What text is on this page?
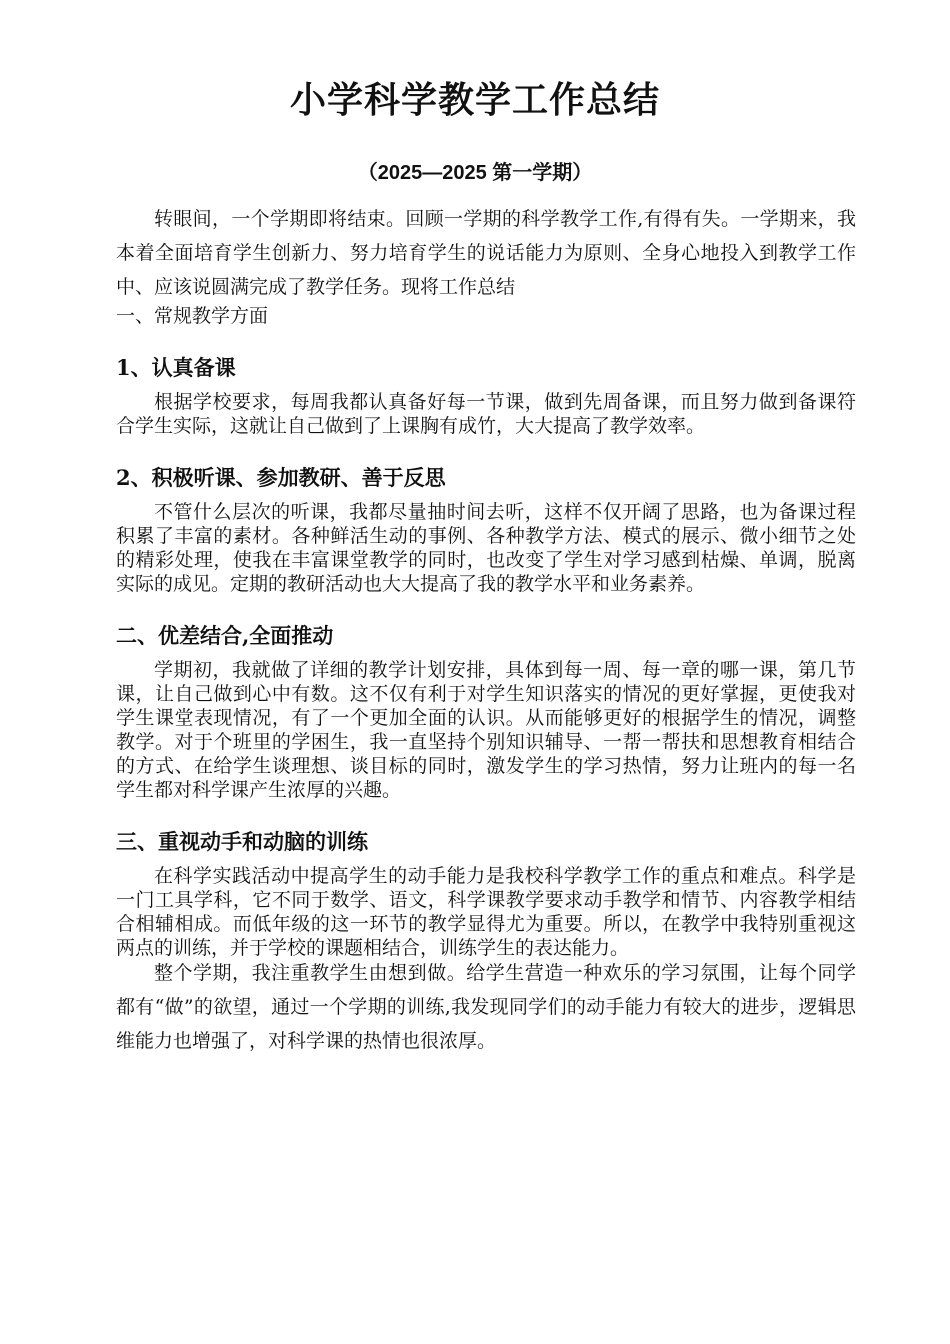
小学科学教学工作总结
（2025—2025 第一学期）

转眼间，一个学期即将结束。回顾一学期的科学教学工作,有得有失。一学期来，我本着全面培育学生创新力、努力培育学生的说话能力为原则、全身心地投入到教学工作中、应该说圆满完成了教学任务。现将工作总结

一、常规教学方面

1、认真备课

根据学校要求，每周我都认真备好每一节课，做到先周备课，而且努力做到备课符合学生实际，这就让自己做到了上课胸有成竹，大大提高了教学效率。

2、积极听课、参加教研、善于反思

不管什么层次的听课，我都尽量抽时间去听，这样不仅开阔了思路，也为备课过程积累了丰富的素材。各种鲜活生动的事例、各种教学方法、模式的展示、微小细节之处的精彩处理，使我在丰富课堂教学的同时，也改变了学生对学习感到枯燥、单调，脱离实际的成见。定期的教研活动也大大提高了我的教学水平和业务素养。

二、优差结合,全面推动

学期初，我就做了详细的教学计划安排，具体到每一周、每一章的哪一课，第几节课，让自己做到心中有数。这不仅有利于对学生知识落实的情况的更好掌握，更使我对学生课堂表现情况，有了一个更加全面的认识。从而能够更好的根据学生的情况，调整教学。对于个班里的学困生，我一直坚持个别知识辅导、一帮一帮扶和思想教育相结合的方式、在给学生谈理想、谈目标的同时，激发学生的学习热情，努力让班内的每一名学生都对科学课产生浓厚的兴趣。

三、重视动手和动脑的训练

在科学实践活动中提高学生的动手能力是我校科学教学工作的重点和难点。科学是一门工具学科，它不同于数学、语文，科学课教学要求动手教学和情节、内容教学相结合相辅相成。而低年级的这一环节的教学显得尤为重要。所以，在教学中我特别重视这两点的训练，并于学校的课题相结合，训练学生的表达能力。

整个学期，我注重教学生由想到做。给学生营造一种欢乐的学习氛围，让每个同学都有“做”的欲望，通过一个学期的训练,我发现同学们的动手能力有较大的进步，逻辑思维能力也增强了，对科学课的热情也很浓厚。
